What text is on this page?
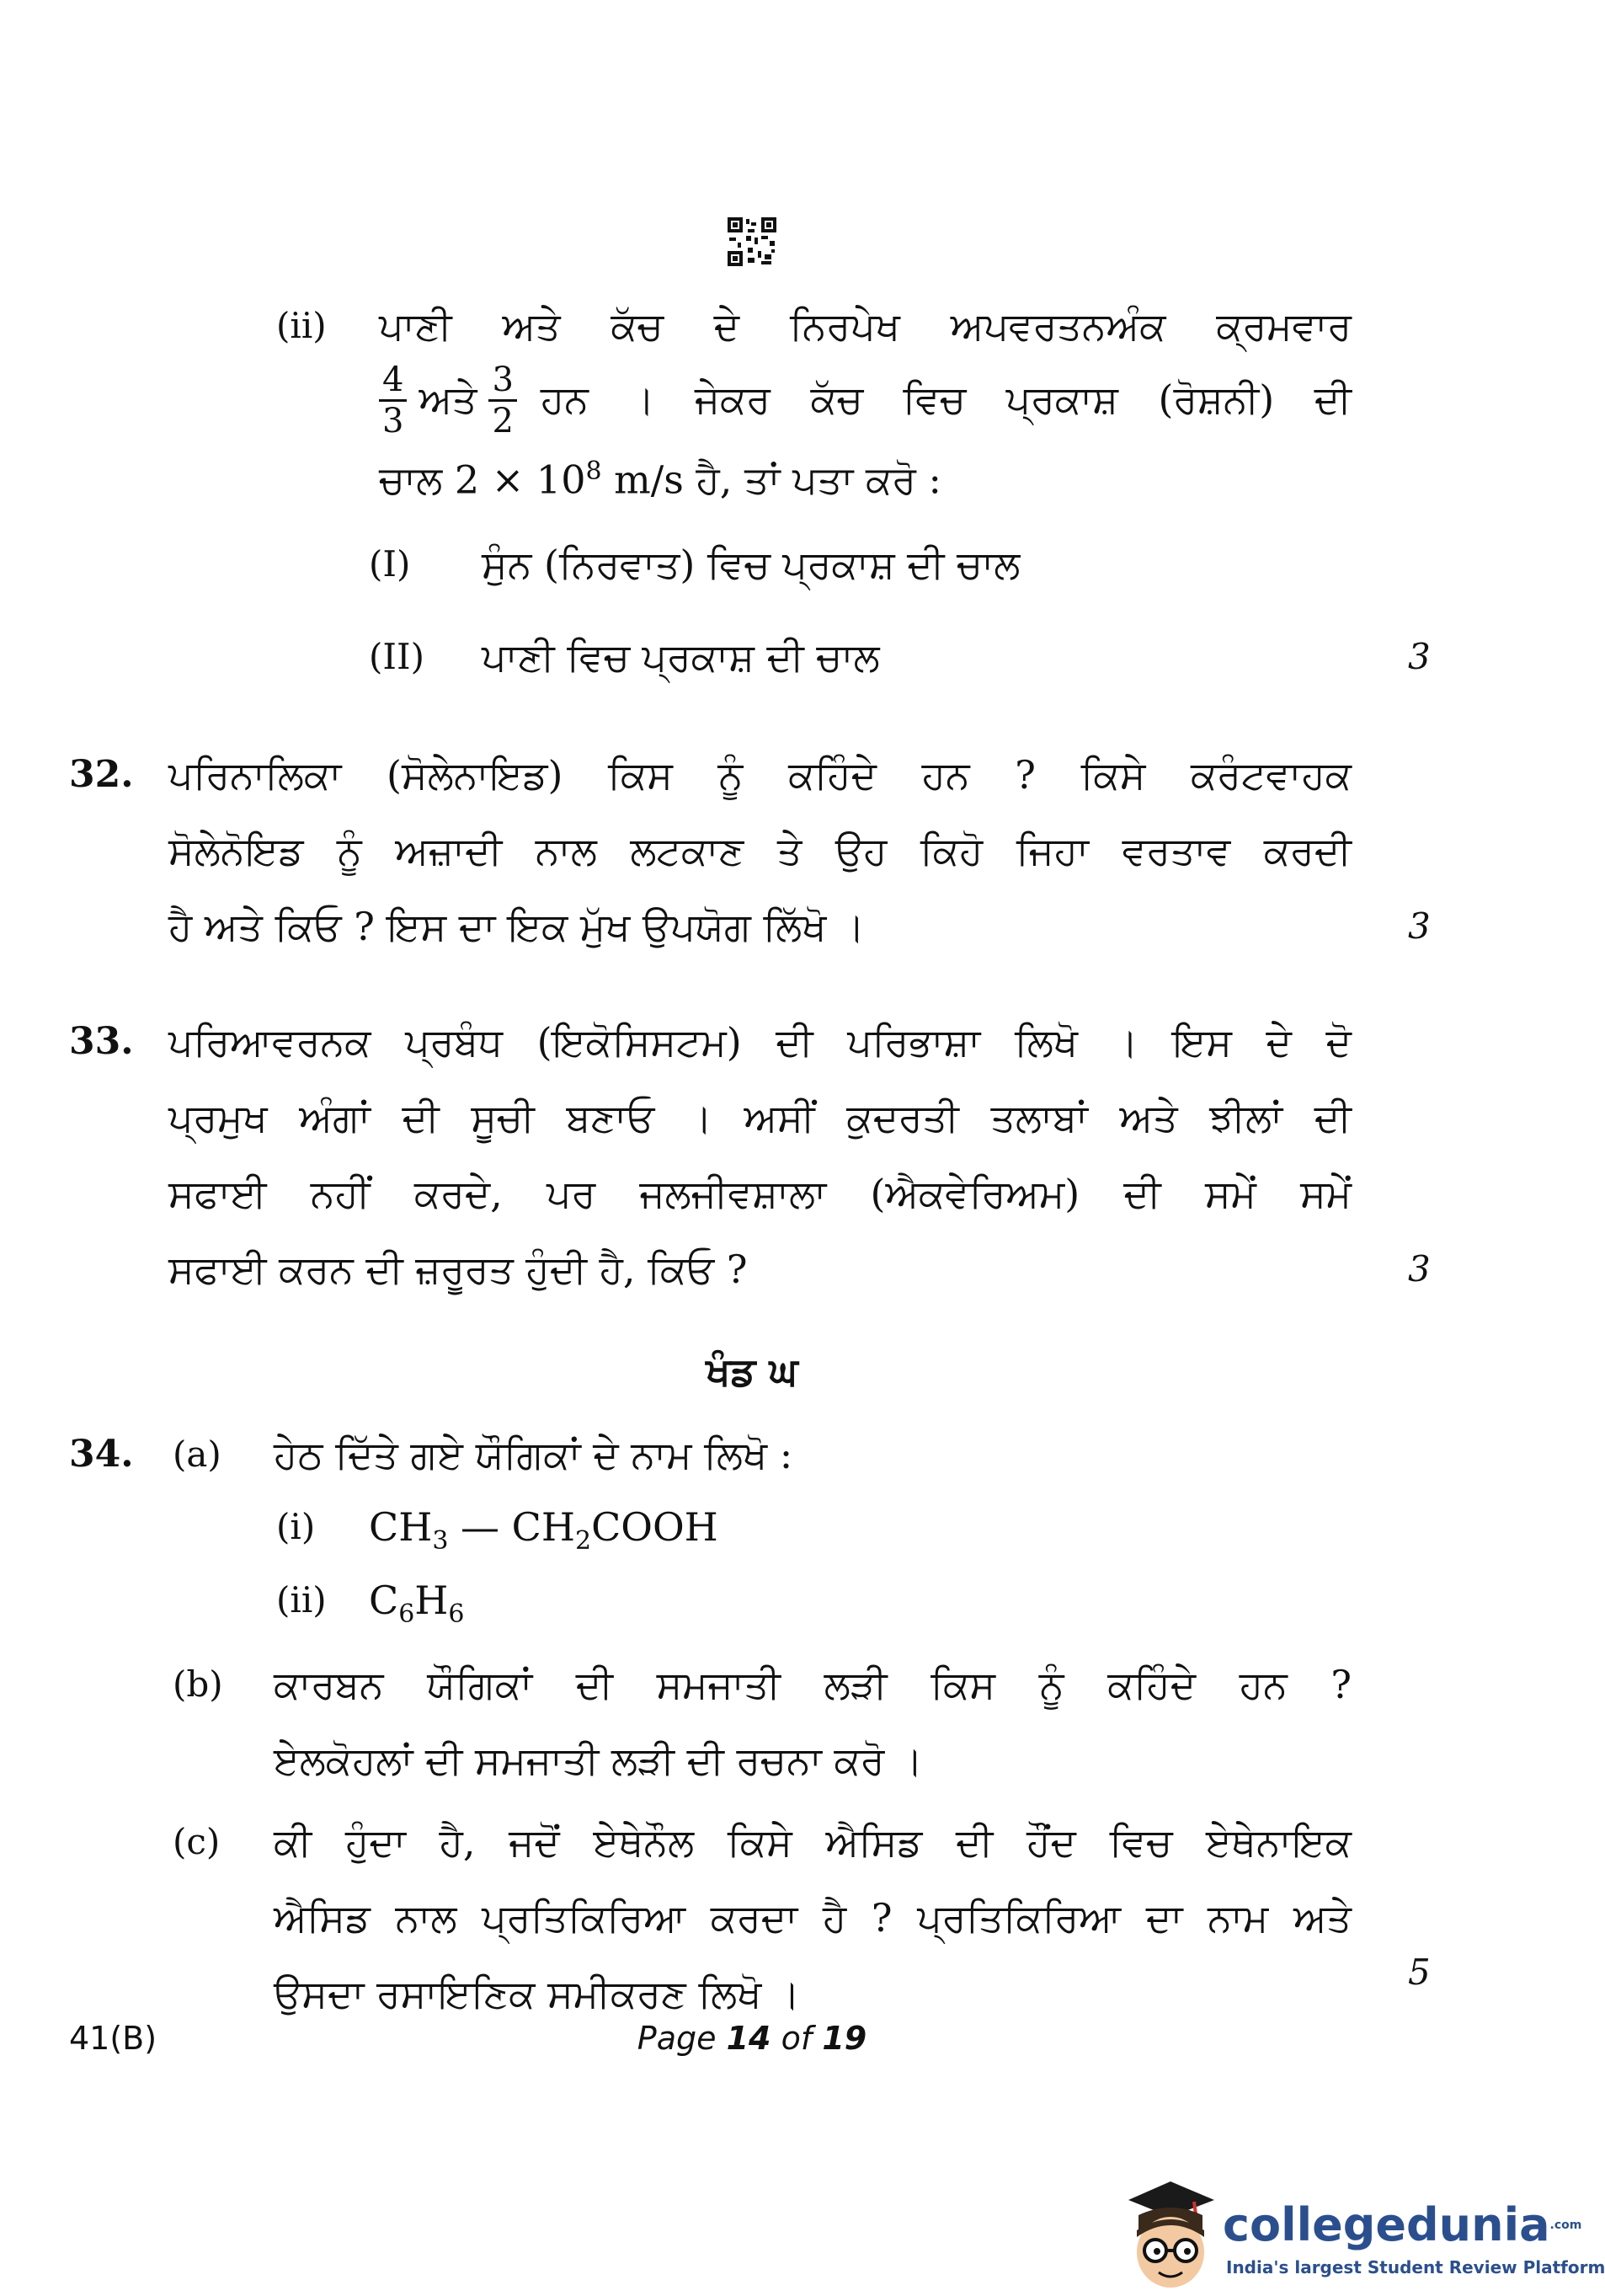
(ii) ਪਾਣੀ ਅਤੇ ਕੱਚ ਦੇ ਨਿਰਪੇਖ ਅਪਵਰਤਨਅੰਕ ਕ੍ਰਮਵਾਰ
$\frac{4}{3}$ ਅਤੇ $\frac{3}{2}$ ਹਨ । ਜੇਕਰ ਕੱਚ ਵਿਚ ਪ੍ਰਕਾਸ਼ (ਰੋਸ਼ਨੀ) ਦੀ
ਚਾਲ $2 \times 10^8$ m/s ਹੈ, ਤਾਂ ਪਤਾ ਕਰੋ :
(I) ਸੁੰਨ (ਨਿਰਵਾਤ) ਵਿਚ ਪ੍ਰਕਾਸ਼ ਦੀ ਚਾਲ
(II) ਪਾਣੀ ਵਿਚ ਪ੍ਰਕਾਸ਼ ਦੀ ਚਾਲ	3
32. ਪਰਿਨਾਲਿਕਾ (ਸੋਲੇਨਾਇਡ) ਕਿਸ ਨੂੰ ਕਹਿੰਦੇ ਹਨ ? ਕਿਸੇ ਕਰੰਟਵਾਹਕ
ਸੋਲੇਨੋਇਡ ਨੂੰ ਅਜ਼ਾਦੀ ਨਾਲ ਲਟਕਾਣ ਤੇ ਉਹ ਕਿਹੋ ਜਿਹਾ ਵਰਤਾਵ ਕਰਦੀ
ਹੈ ਅਤੇ ਕਿਓ ? ਇਸ ਦਾ ਇਕ ਮੁੱਖ ਉਪਯੋਗ ਲਿੱਖੋ ।	3
33. ਪਰਿਆਵਰਨਕ ਪ੍ਰਬੰਧ (ਇਕੋਸਿਸਟਮ) ਦੀ ਪਰਿਭਾਸ਼ਾ ਲਿਖੋ । ਇਸ ਦੇ ਦੋ
ਪ੍ਰਮੁਖ ਅੰਗਾਂ ਦੀ ਸੂਚੀ ਬਣਾਓ । ਅਸੀਂ ਕੁਦਰਤੀ ਤਲਾਬਾਂ ਅਤੇ ਝੀਲਾਂ ਦੀ
ਸਫਾਈ ਨਹੀਂ ਕਰਦੇ, ਪਰ ਜਲਜੀਵਸ਼ਾਲਾ (ਐਕਵੇਰਿਅਮ) ਦੀ ਸਮੇਂ ਸਮੇਂ
ਸਫਾਈ ਕਰਨ ਦੀ ਜ਼ਰੂਰਤ ਹੁੰਦੀ ਹੈ, ਕਿਓ ?	3
ਖੰਡ ਘ
34. (a) ਹੇਠ ਦਿੱਤੇ ਗਏ ਯੌਗਿਕਾਂ ਦੇ ਨਾਮ ਲਿਖੋ :
(i) $CH_3$ — $CH_2COOH$
(ii) $C_6H_6$
(b) ਕਾਰਬਨ ਯੌਗਿਕਾਂ ਦੀ ਸਮਜਾਤੀ ਲੜੀ ਕਿਸ ਨੂੰ ਕਹਿੰਦੇ ਹਨ ?
ਏਲਕੋਹਲਾਂ ਦੀ ਸਮਜਾਤੀ ਲੜੀ ਦੀ ਰਚਨਾ ਕਰੋ ।
(c) ਕੀ ਹੁੰਦਾ ਹੈ, ਜਦੋਂ ਏਥੇਨੌਲ ਕਿਸੇ ਐਸਿਡ ਦੀ ਹੌਂਦ ਵਿਚ ਏਥੇਨਾਇਕ
ਐਸਿਡ ਨਾਲ ਪ੍ਰਤਿਕਿਰਿਆ ਕਰਦਾ ਹੈ ? ਪ੍ਰਤਿਕਿਰਿਆ ਦਾ ਨਾਮ ਅਤੇ
ਉਸਦਾ ਰਸਾਇਣਿਕ ਸਮੀਕਰਣ ਲਿਖੋ ।	5
41(B)	Page 14 of 19
collegedunia$^{.com}$
India's largest Student Review Platform
